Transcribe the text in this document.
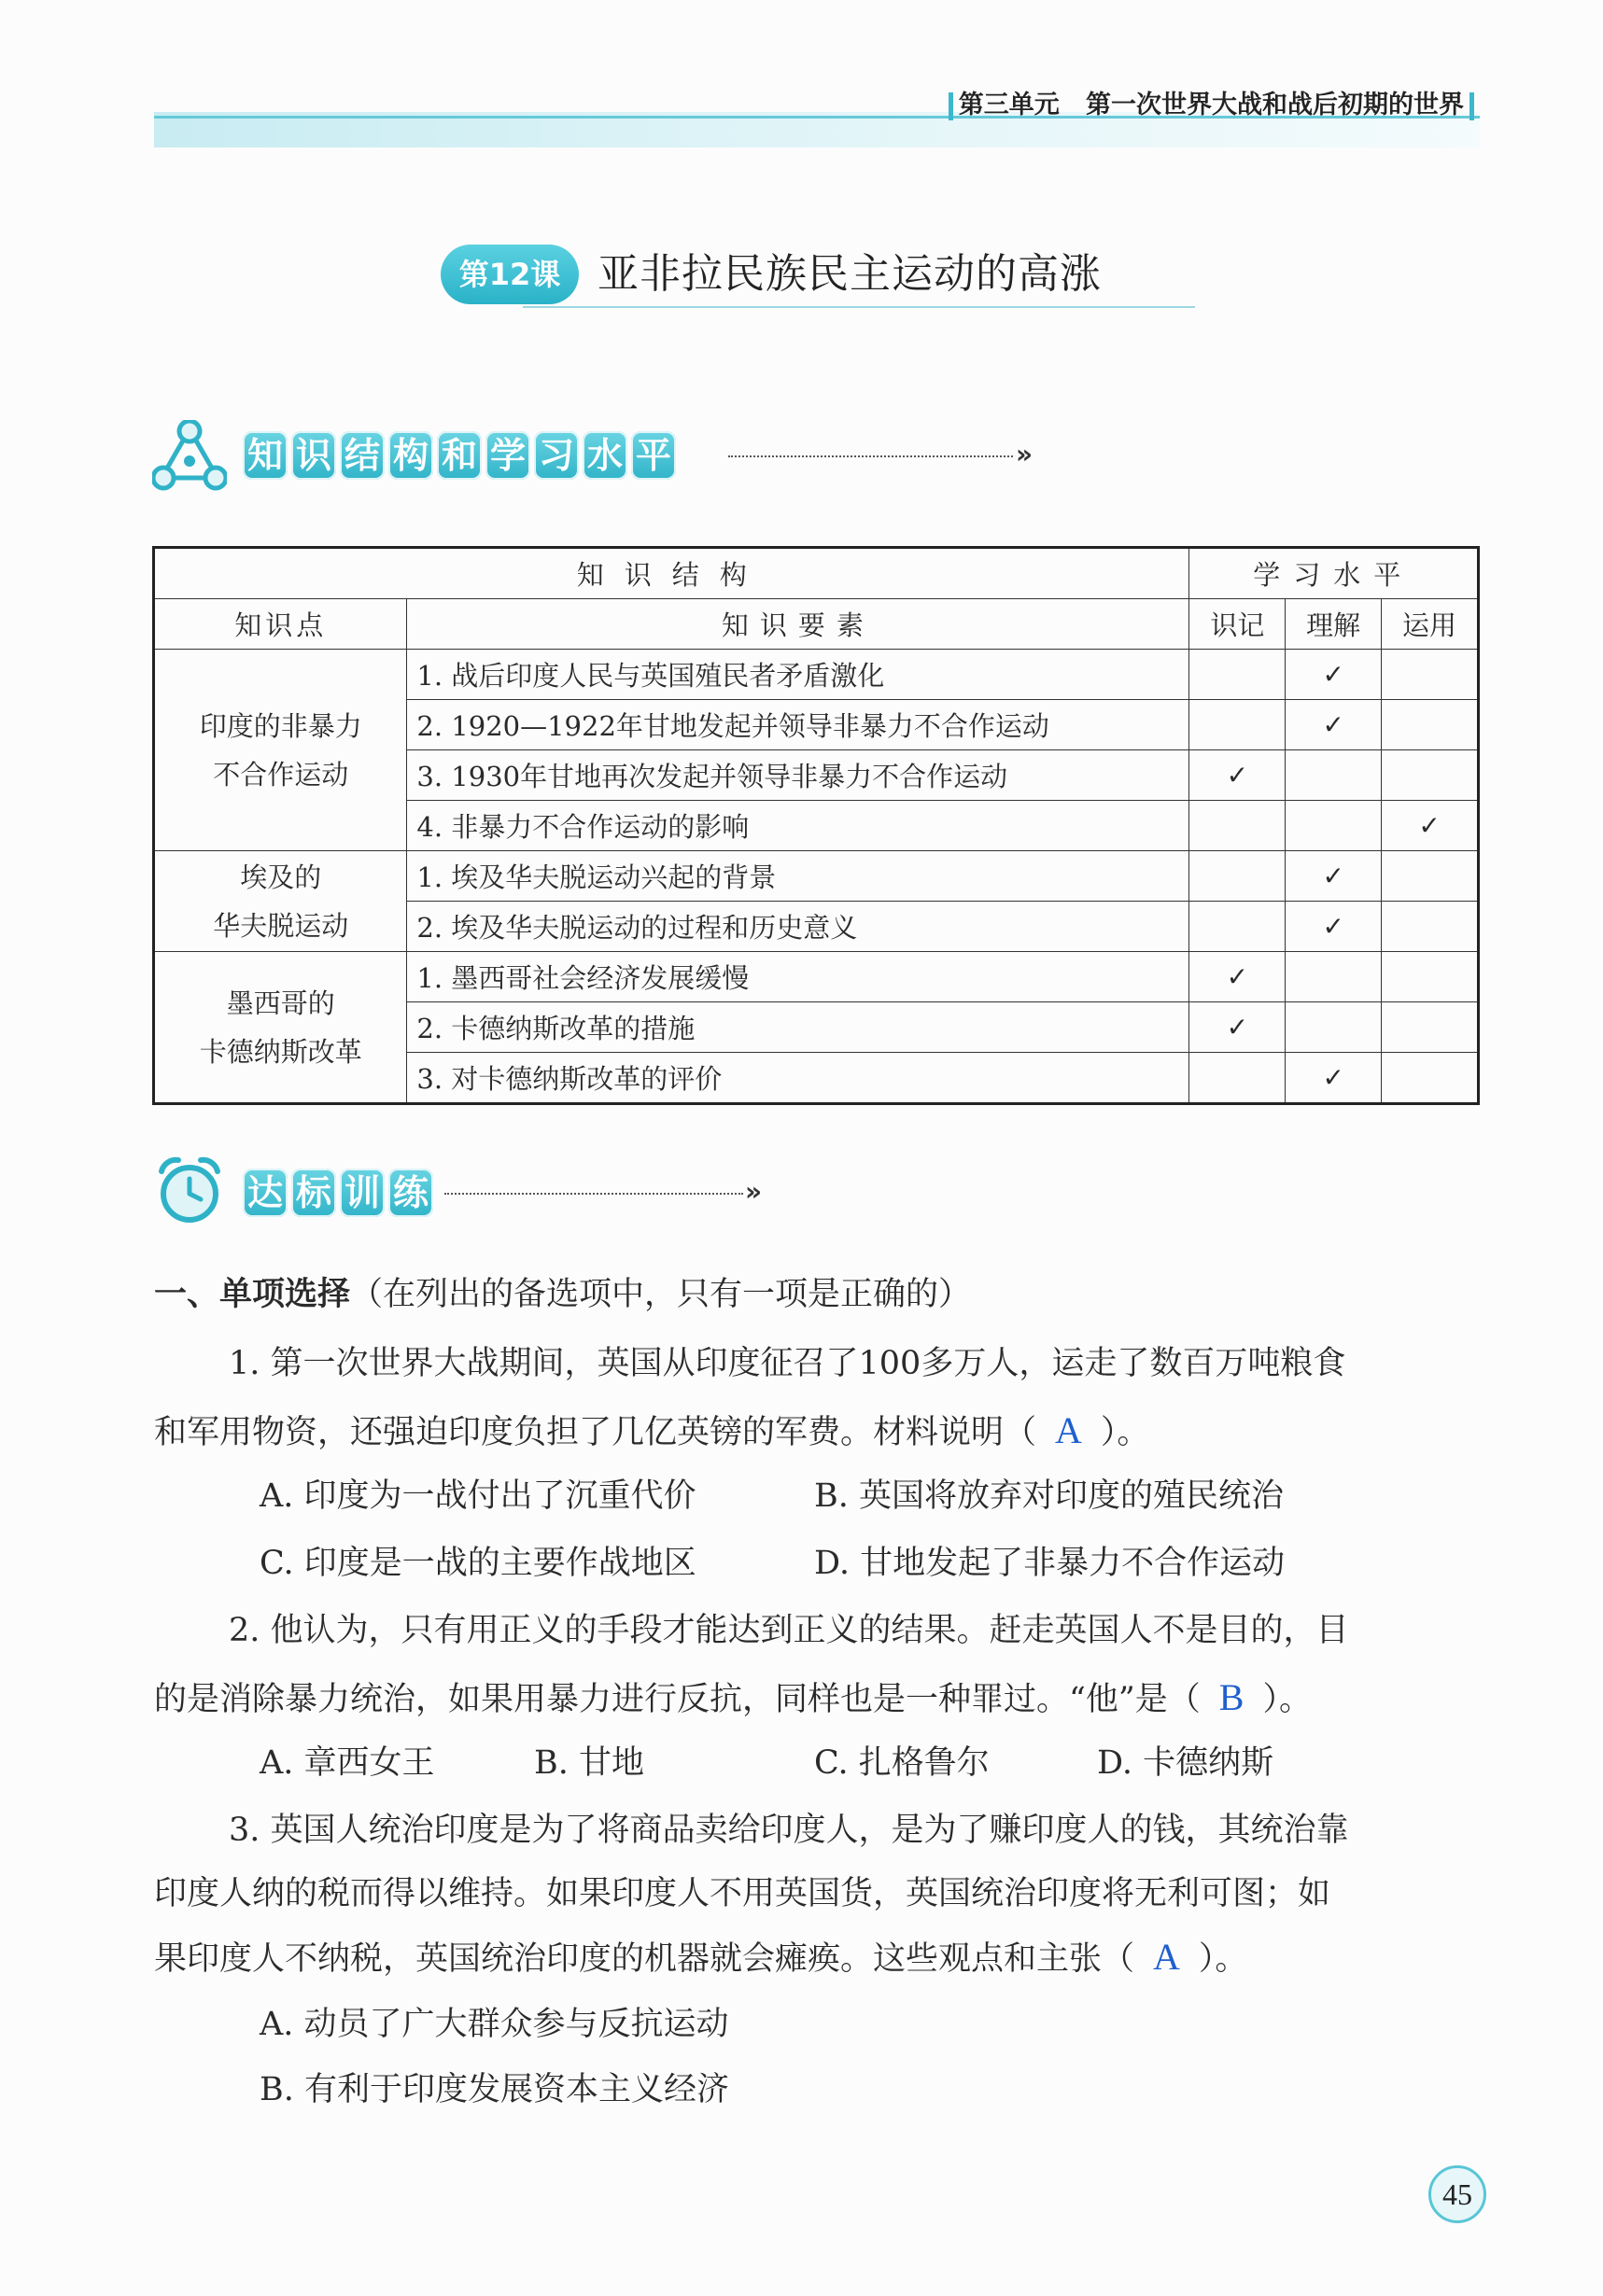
第三单元 第一次世界大战和战后初期的世界
第12课 亚非拉民族民主运动的高涨
知 识 结 构 和 学 习 水 平	»
知识结构		学习水平		
知识点	知识要素	识记	理解	运用

印度的非暴力
不合作运动	1. 战后印度人民与英国殖民者矛盾激化		✓	
	2. 1920—1922年甘地发起并领导非暴力不合作运动		✓	
	3. 1930年甘地再次发起并领导非暴力不合作运动	✓		
	4. 非暴力不合作运动的影响			✓

埃及的
华夫脱运动	1. 埃及华夫脱运动兴起的背景		✓	
	2. 埃及华夫脱运动的过程和历史意义		✓	

墨西哥的
卡德纳斯改革	1. 墨西哥社会经济发展缓慢	✓		
	2. 卡德纳斯改革的措施	✓		
	3. 对卡德纳斯改革的评价		✓	
达 标 训 练	»
一、单项选择（在列出的备选项中，只有一项是正确的）
1. 第一次世界大战期间，英国从印度征召了100多万人，运走了数百万吨粮食
和军用物资，还强迫印度负担了几亿英镑的军费。材料说明（ A ）。
A. 印度为一战付出了沉重代价	B. 英国将放弃对印度的殖民统治
C. 印度是一战的主要作战地区	D. 甘地发起了非暴力不合作运动
2. 他认为，只有用正义的手段才能达到正义的结果。赶走英国人不是目的，目
的是消除暴力统治，如果用暴力进行反抗，同样也是一种罪过。“他”是（ B ）。
A. 章西女王	B. 甘地	C. 扎格鲁尔	D. 卡德纳斯
3. 英国人统治印度是为了将商品卖给印度人，是为了赚印度人的钱，其统治靠
印度人纳的税而得以维持。如果印度人不用英国货，英国统治印度将无利可图；如
果印度人不纳税，英国统治印度的机器就会瘫痪。这些观点和主张（ A ）。
A. 动员了广大群众参与反抗运动
B. 有利于印度发展资本主义经济
45
